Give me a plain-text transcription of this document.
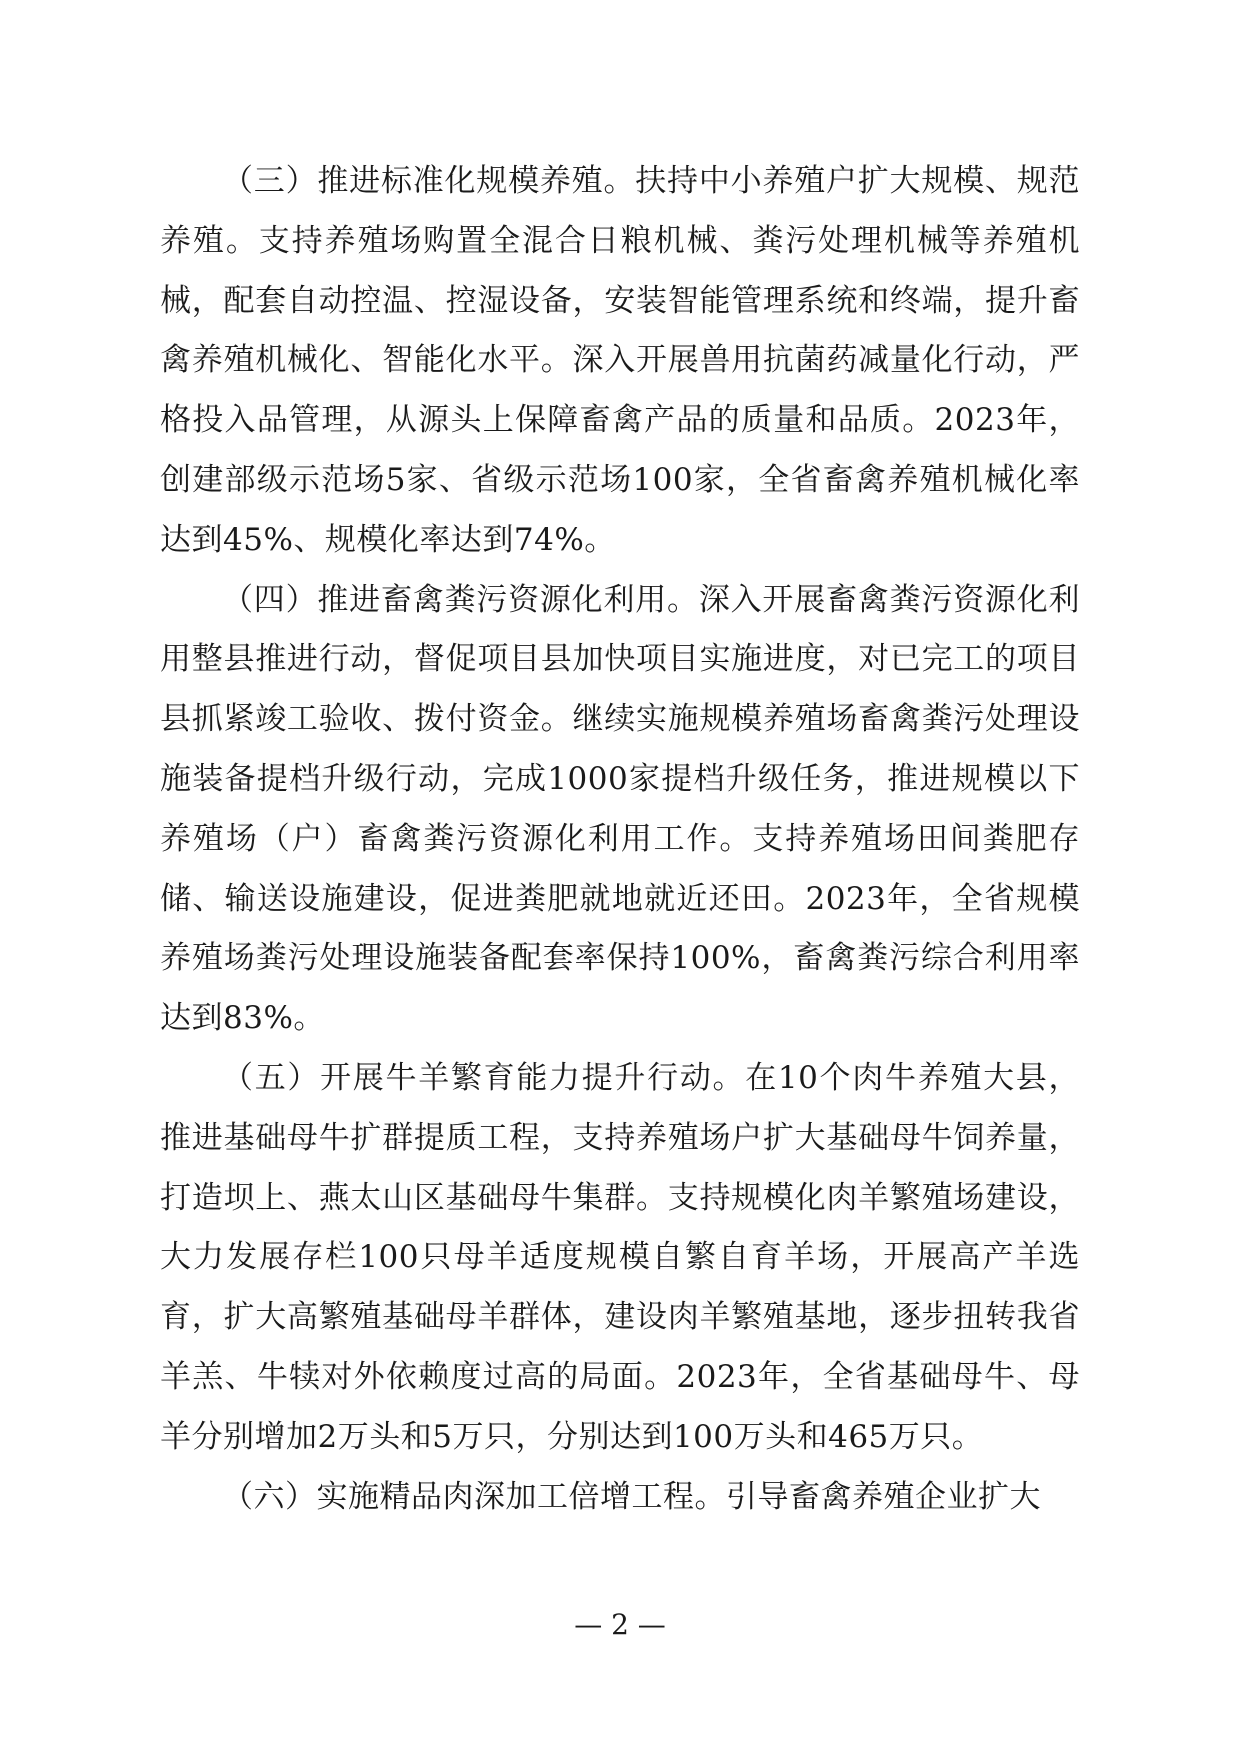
（三）推进标准化规模养殖。扶持中小养殖户扩大规模、规范养殖。支持养殖场购置全混合日粮机械、粪污处理机械等养殖机械，配套自动控温、控湿设备，安装智能管理系统和终端，提升畜禽养殖机械化、智能化水平。深入开展兽用抗菌药减量化行动，严格投入品管理，从源头上保障畜禽产品的质量和品质。2023年，创建部级示范场5家、省级示范场100家，全省畜禽养殖机械化率达到45%、规模化率达到74%。

（四）推进畜禽粪污资源化利用。深入开展畜禽粪污资源化利用整县推进行动，督促项目县加快项目实施进度，对已完工的项目县抓紧竣工验收、拨付资金。继续实施规模养殖场畜禽粪污处理设施装备提档升级行动，完成1000家提档升级任务，推进规模以下养殖场（户）畜禽粪污资源化利用工作。支持养殖场田间粪肥存储、输送设施建设，促进粪肥就地就近还田。2023年，全省规模养殖场粪污处理设施装备配套率保持100%，畜禽粪污综合利用率达到83%。

（五）开展牛羊繁育能力提升行动。在10个肉牛养殖大县，推进基础母牛扩群提质工程，支持养殖场户扩大基础母牛饲养量，打造坝上、燕太山区基础母牛集群。支持规模化肉羊繁殖场建设，大力发展存栏100只母羊适度规模自繁自育羊场，开展高产羊选育，扩大高繁殖基础母羊群体，建设肉羊繁殖基地，逐步扭转我省羊羔、牛犊对外依赖度过高的局面。2023年，全省基础母牛、母羊分别增加2万头和5万只，分别达到100万头和465万只。

（六）实施精品肉深加工倍增工程。引导畜禽养殖企业扩大

— 2 —
